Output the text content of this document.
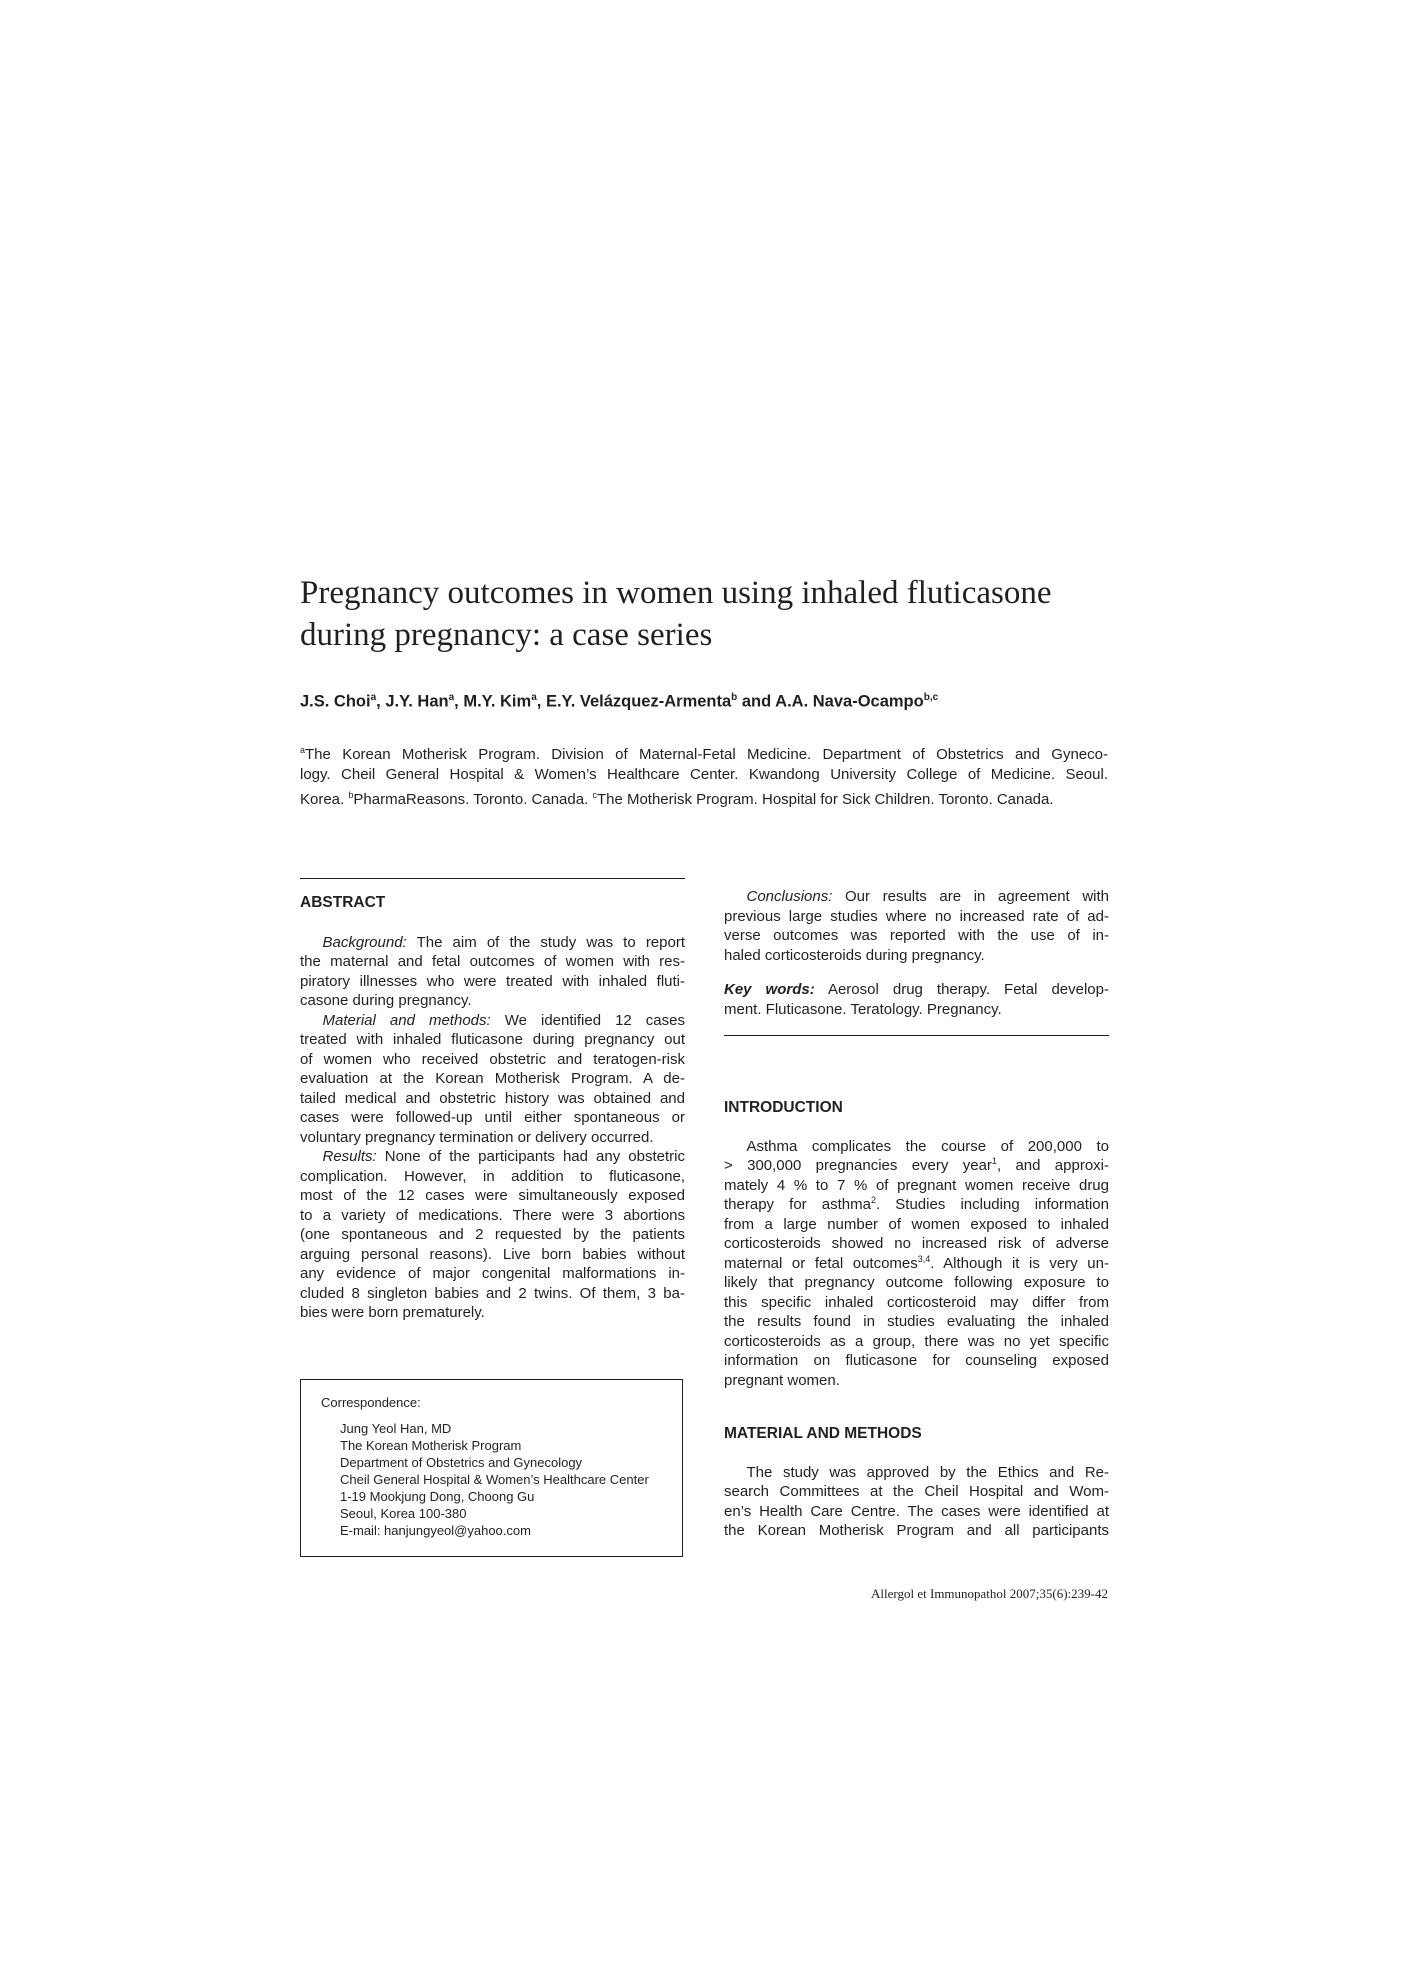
Pregnancy outcomes in women using inhaled fluticasone
during pregnancy: a case series
J.S. Choi$^a$, J.Y. Han$^a$, M.Y. Kim$^a$, E.Y. Velázquez-Armenta$^b$ and A.A. Nava-Ocampo$^{b,c}$
$^a$The Korean Motherisk Program. Division of Maternal-Fetal Medicine. Department of Obstetrics and Gyneco-
logy. Cheil General Hospital & Women’s Healthcare Center. Kwandong University College of Medicine. Seoul.
Korea. $^b$PharmaReasons. Toronto. Canada. $^c$The Motherisk Program. Hospital for Sick Children. Toronto. Canada.

ABSTRACT

  Background: The aim of the study was to report
the maternal and fetal outcomes of women with res-
piratory illnesses who were treated with inhaled fluti-
casone during pregnancy.
  Material and methods: We identified 12 cases
treated with inhaled fluticasone during pregnancy out
of women who received obstetric and teratogen-risk
evaluation at the Korean Motherisk Program. A de-
tailed medical and obstetric history was obtained and
cases were followed-up until either spontaneous or
voluntary pregnancy termination or delivery occurred.
  Results: None of the participants had any obstetric
complication. However, in addition to fluticasone,
most of the 12 cases were simultaneously exposed
to a variety of medications. There were 3 abortions
(one spontaneous and 2 requested by the patients
arguing personal reasons). Live born babies without
any evidence of major congenital malformations in-
cluded 8 singleton babies and 2 twins. Of them, 3 ba-
bies were born prematurely.
Correspondence:
Jung Yeol Han, MD
The Korean Motherisk Program
Department of Obstetrics and Gynecology
Cheil General Hospital & Women’s Healthcare Center
1-19 Mookjung Dong, Choong Gu
Seoul, Korea 100-380
E-mail: hanjungyeol@yahoo.com
  Conclusions: Our results are in agreement with
previous large studies where no increased rate of ad-
verse outcomes was reported with the use of in-
haled corticosteroids during pregnancy.
Key words: Aerosol drug therapy. Fetal develop-
ment. Fluticasone. Teratology. Pregnancy.

INTRODUCTION

  Asthma complicates the course of 200,000 to
> 300,000 pregnancies every year$^1$, and approxi-
mately 4 % to 7 % of pregnant women receive drug
therapy for asthma$^2$. Studies including information
from a large number of women exposed to inhaled
corticosteroids showed no increased risk of adverse
maternal or fetal outcomes$^{3,4}$. Although it is very un-
likely that pregnancy outcome following exposure to
this specific inhaled corticosteroid may differ from
the results found in studies evaluating the inhaled
corticosteroids as a group, there was no yet specific
information on fluticasone for counseling exposed
pregnant women.

MATERIAL AND METHODS

  The study was approved by the Ethics and Re-
search Committees at the Cheil Hospital and Wom-
en’s Health Care Centre. The cases were identified at
the Korean Motherisk Program and all participants
Allergol et Immunopathol 2007;35(6):239-42
